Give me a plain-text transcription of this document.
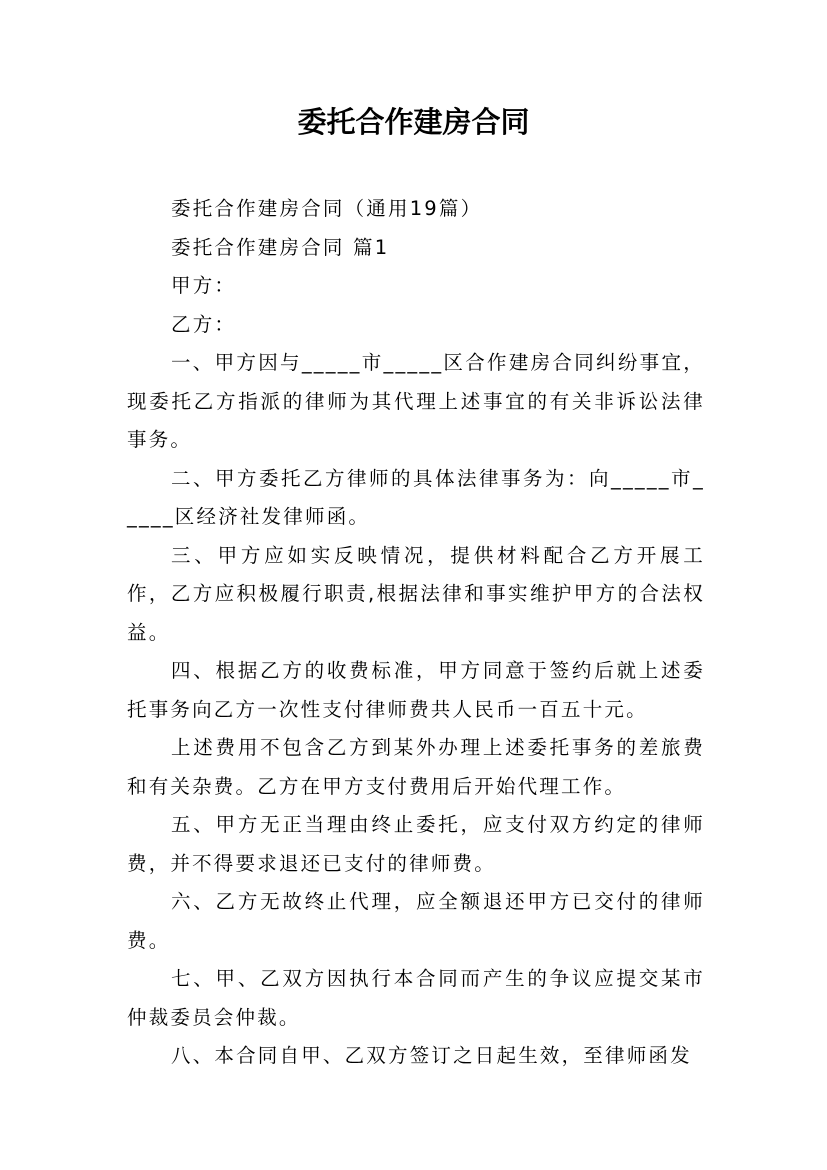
委托合作建房合同

委托合作建房合同（通用19篇）

委托合作建房合同 篇1

甲方：

乙方：

一、甲方因与_____市_____区合作建房合同纠纷事宜，现委托乙方指派的律师为其代理上述事宜的有关非诉讼法律事务。

二、甲方委托乙方律师的具体法律事务为：向_____市_____区经济社发律师函。

三、甲方应如实反映情况，提供材料配合乙方开展工作，乙方应积极履行职责,根据法律和事实维护甲方的合法权益。

四、根据乙方的收费标准，甲方同意于签约后就上述委托事务向乙方一次性支付律师费共人民币一百五十元。

上述费用不包含乙方到某外办理上述委托事务的差旅费和有关杂费。乙方在甲方支付费用后开始代理工作。

五、甲方无正当理由终止委托，应支付双方约定的律师费，并不得要求退还已支付的律师费。

六、乙方无故终止代理，应全额退还甲方已交付的律师费。

七、甲、乙双方因执行本合同而产生的争议应提交某市仲裁委员会仲裁。

八、本合同自甲、乙双方签订之日起生效，至律师函发
